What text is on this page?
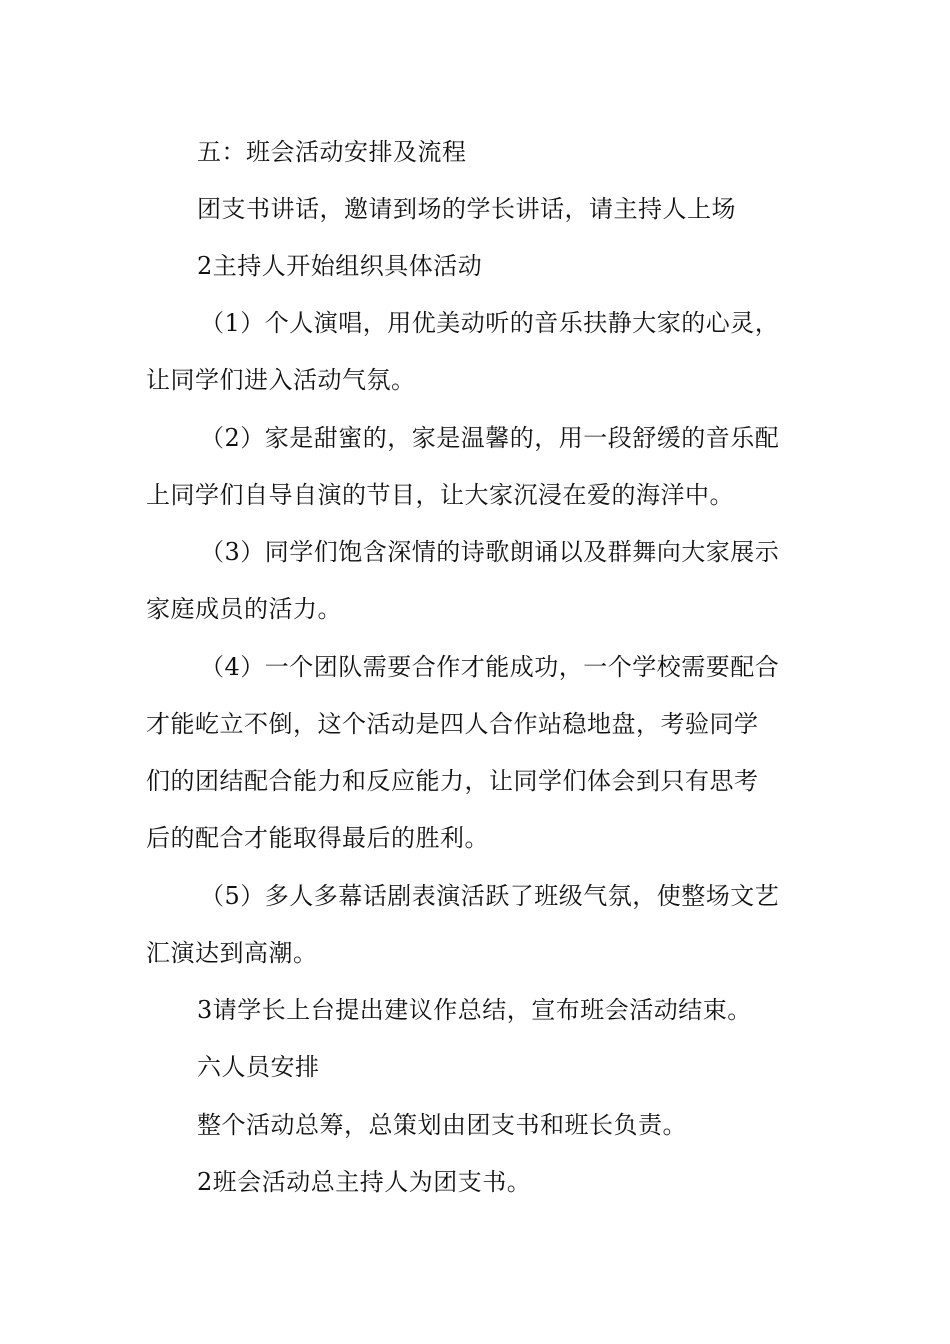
五：班会活动安排及流程
团支书讲话，邀请到场的学长讲话，请主持人上场
2主持人开始组织具体活动
（1）个人演唱，用优美动听的音乐扶静大家的心灵，
让同学们进入活动气氛。
（2）家是甜蜜的，家是温馨的，用一段舒缓的音乐配
上同学们自导自演的节目，让大家沉浸在爱的海洋中。
（3）同学们饱含深情的诗歌朗诵以及群舞向大家展示
家庭成员的活力。
（4）一个团队需要合作才能成功，一个学校需要配合
才能屹立不倒，这个活动是四人合作站稳地盘，考验同学
们的团结配合能力和反应能力，让同学们体会到只有思考
后的配合才能取得最后的胜利。
（5）多人多幕话剧表演活跃了班级气氛，使整场文艺
汇演达到高潮。
3请学长上台提出建议作总结，宣布班会活动结束。
六人员安排
整个活动总筹，总策划由团支书和班长负责。
2班会活动总主持人为团支书。
